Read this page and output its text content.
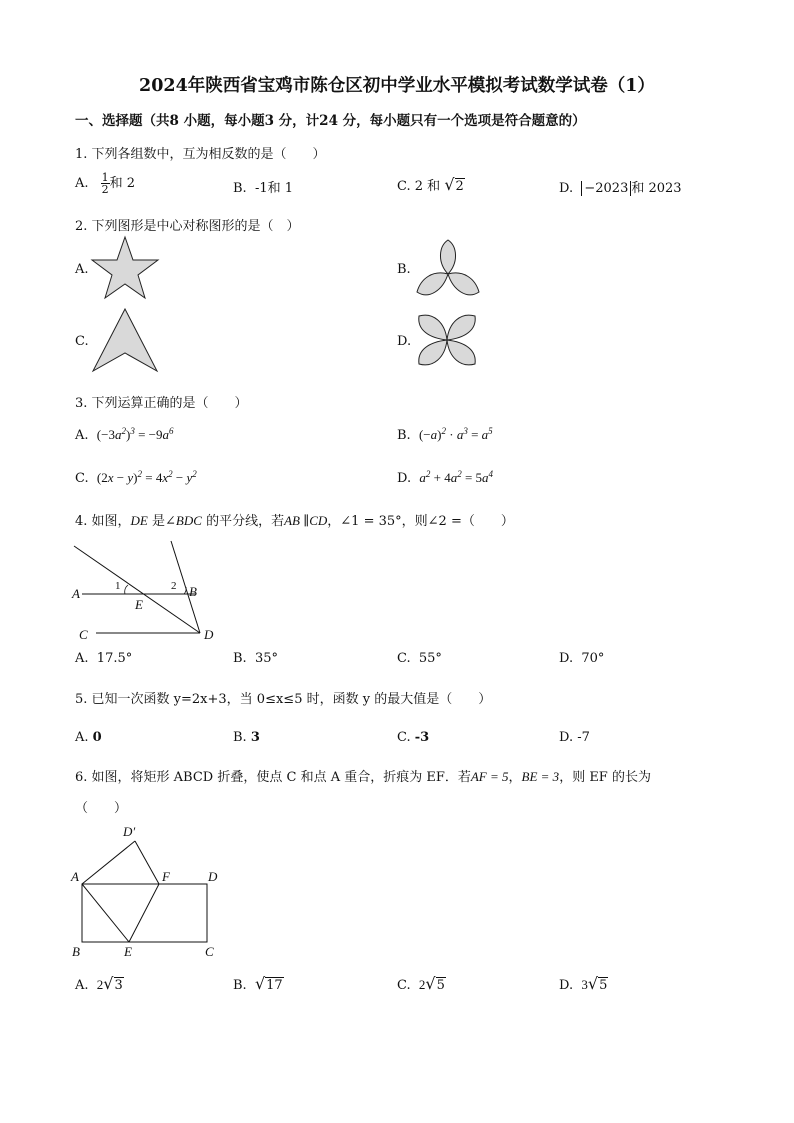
2024年陕西省宝鸡市陈仓区初中学业水平模拟考试数学试卷（1）
一、选择题（共8 小题，每小题3 分，计24 分，每小题只有一个选项是符合题意的）
1. 下列各组数中，互为相反数的是（　　）
A. $\frac{1}{2}$ 和 2	B. -1和 1	C. 2 和 √2	D. −2023 和 2023
2. 下列图形是中心对称图形的是（　）
A.	B.
C.	D.
3. 下列运算正确的是（　　）
A. $(-3a^2)^3 = -9a^6$	B. $(-a)^2 \cdot a^3 = a^5$
C. $(2x - y)^2 = 4x^2 - y^2$	D. $a^2 + 4a^2 = 5a^4$
4. 如图，DE 是∠BDC 的平分线，若AB ∥CD，∠1 = 35°，则∠2 =（　　）
A	1	2 B
E
C	D
A. 17.5°	B. 35°	C. 55°	D. 70°
5. 已知一次函数 y=2x+3，当 0≤x≤5 时，函数 y 的最大值是（　　）
A. 0	B. 3	C. -3	D. -7
6. 如图，将矩形 ABCD 折叠，使点 C 和点 A 重合，折痕为 EF．若AF = 5，BE = 3，则 EF 的长为
（　　）
D′
A	F	D
B	E	C
A. 2√3	B. √17	C. 2√5	D. 3√5
